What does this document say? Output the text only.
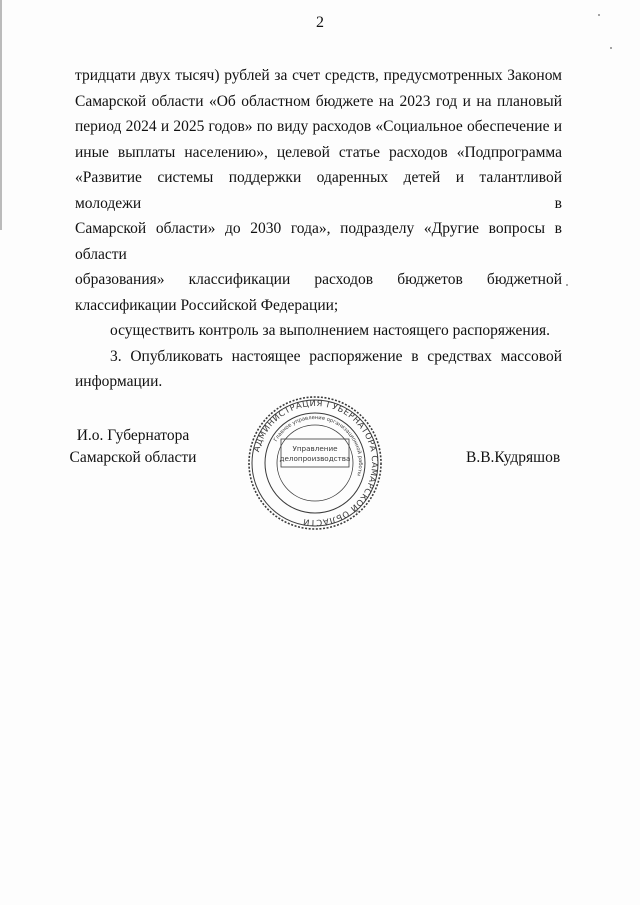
2
тридцати двух тысяч) рублей за счет средств, предусмотренных Законом
Самарской области «Об областном бюджете на 2023 год и на плановый
период 2024 и 2025 годов» по виду расходов «Социальное обеспечение и
иные выплаты населению», целевой статье расходов «Подпрограмма
«Развитие системы поддержки одаренных детей и талантливой молодежи в
Самарской области» до 2030 года», подразделу «Другие вопросы в области
образования» классификации расходов бюджетов бюджетной
классификации Российской Федерации;
осуществить контроль за выполнением настоящего распоряжения.
3. Опубликовать настоящее распоряжение в средствах массовой
информации.
И.о. Губернатора
Самарской области	В.В.Кудряшов
АДМИНИСТРАЦИЯ ГУБЕРНАТОРА САМАРСКОЙ ОБЛАСТИ
Главное управление организационной работы
Управление
делопроизводства
